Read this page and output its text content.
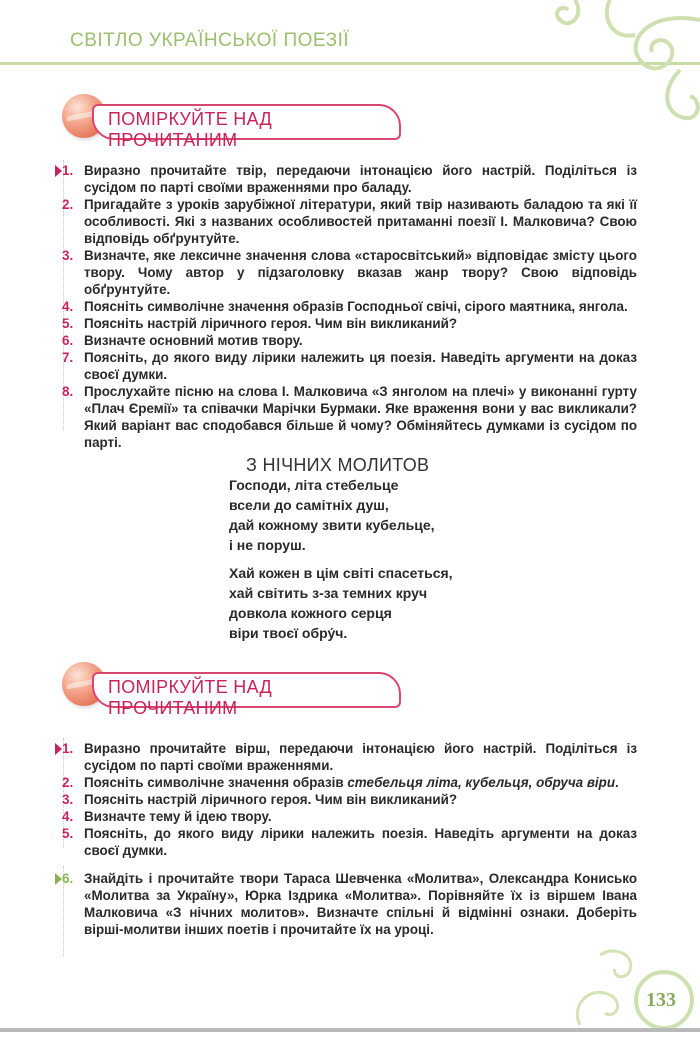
СВІТЛО УКРАЇНСЬКОЇ ПОЕЗІЇ
ПОМІРКУЙТЕ НАД ПРОЧИТАНИМ
1. Виразно прочитайте твір, передаючи інтонацією його настрій. Поділіться із сусідом по парті своїми враженнями про баладу.
2. Пригадайте з уроків зарубіжної літератури, який твір називають баладою та які її особливості. Які з названих особливостей притаманні поезії І. Малковича? Свою відповідь обґрунтуйте.
3. Визначте, яке лексичне значення слова «старосвітський» відповідає змісту цього твору. Чому автор у підзаголовку вказав жанр твору? Свою відповідь обґрунтуйте.
4. Поясніть символічне значення образів Господньої свічі, сірого маятника, янгола.
5. Поясніть настрій ліричного героя. Чим він викликаний?
6. Визначте основний мотив твору.
7. Поясніть, до якого виду лірики належить ця поезія. Наведіть аргументи на доказ своєї думки.
8. Прослухайте пісню на слова І. Малковича «З янголом на плечі» у виконанні гурту «Плач Єремії» та співачки Марічки Бурмаки. Яке враження вони у вас викликали? Який варіант вас сподобався більше й чому? Обміняйтесь думками із сусідом по парті.
З НІЧНИХ МОЛИТОВ
Господи, літа стебельце
всели до самітніх душ,
дай кожному звити кубельце,
і не поруш.
Хай кожен в цім світі спасеться,
хай світить з-за темних круч
довкола кожного серця
віри твоєї обру́ч.
ПОМІРКУЙТЕ НАД ПРОЧИТАНИМ
1. Виразно прочитайте вірш, передаючи інтонацією його настрій. Поділіться із сусідом по парті своїми враженнями.
2. Поясніть символічне значення образів стебельця літа, кубельця, обруча віри.
3. Поясніть настрій ліричного героя. Чим він викликаний?
4. Визначте тему й ідею твору.
5. Поясніть, до якого виду лірики належить поезія. Наведіть аргументи на доказ своєї думки.
6. Знайдіть і прочитайте твори Тараса Шевченка «Молитва», Олександра Конисько «Молитва за Україну», Юрка Іздрика «Молитва». Порівняйте їх із віршем Івана Малковича «З нічних молитов». Визначте спільні й відмінні ознаки. Доберіть вірші-молитви інших поетів і прочитайте їх на уроці.
133
